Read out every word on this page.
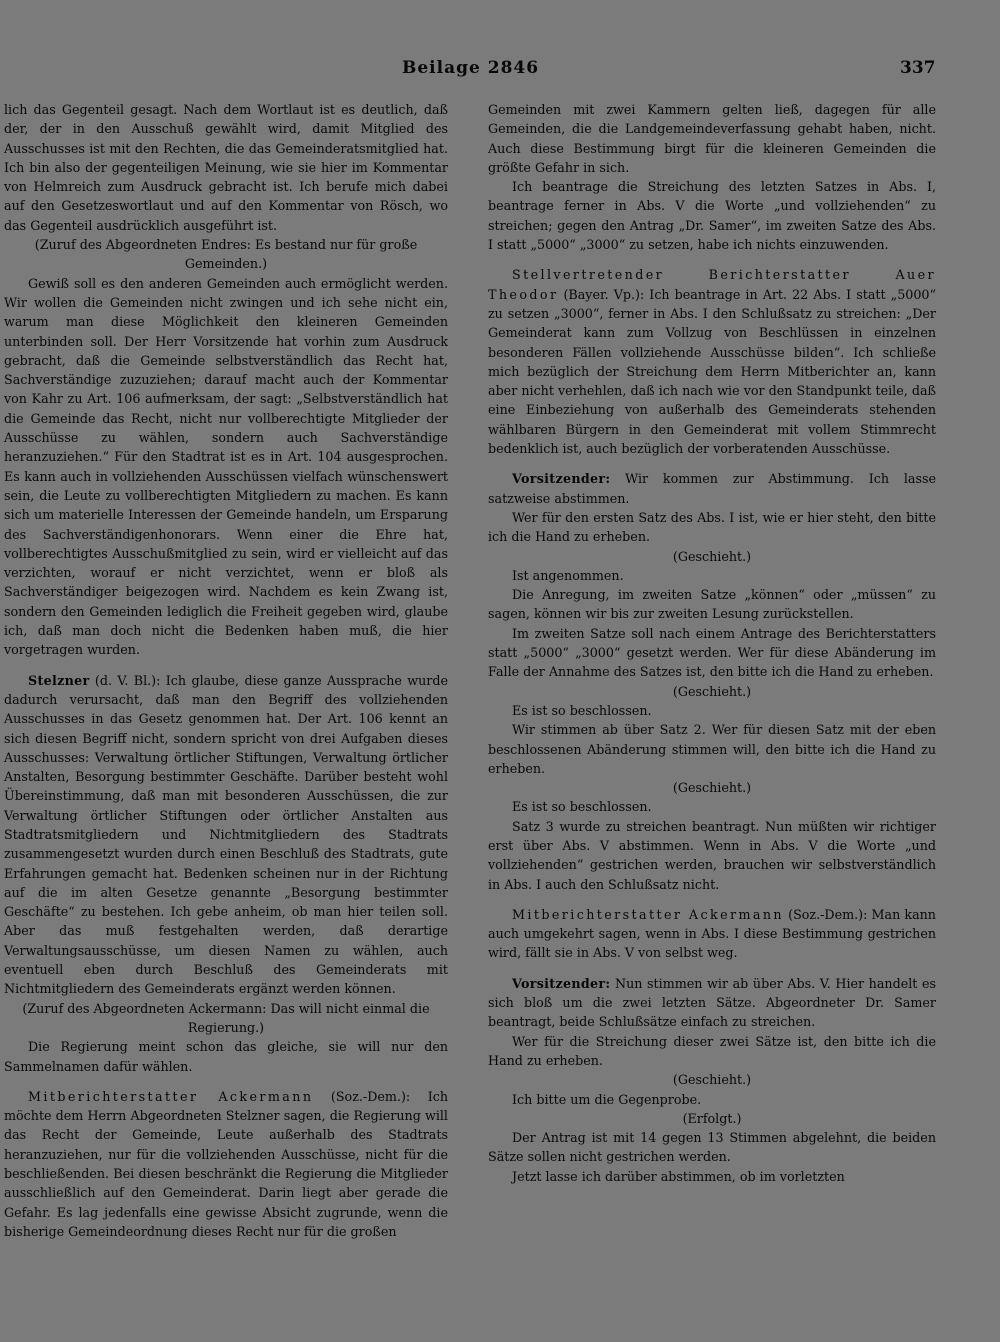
Beilage 2846	337

lich das Gegenteil gesagt. Nach dem Wortlaut ist es deutlich, daß der, der in den Ausschuß gewählt wird, damit Mitglied des Ausschusses ist mit den Rechten, die das Gemeinderatsmitglied hat. Ich bin also der gegenteiligen Meinung, wie sie hier im Kommentar von Helmreich zum Ausdruck gebracht ist. Ich berufe mich dabei auf den Gesetzeswortlaut und auf den Kommentar von Rösch, wo das Gegenteil ausdrücklich ausgeführt ist.

(Zuruf des Abgeordneten Endres: Es bestand nur für große Gemeinden.)

Gewiß soll es den anderen Gemeinden auch ermöglicht werden. Wir wollen die Gemeinden nicht zwingen und ich sehe nicht ein, warum man diese Möglichkeit den kleineren Gemeinden unterbinden soll. Der Herr Vorsitzende hat vorhin zum Ausdruck gebracht, daß die Gemeinde selbstverständlich das Recht hat, Sachverständige zuzuziehen; darauf macht auch der Kommentar von Kahr zu Art. 106 aufmerksam, der sagt: „Selbstverständlich hat die Gemeinde das Recht, nicht nur vollberechtigte Mitglieder der Ausschüsse zu wählen, sondern auch Sachverständige heranzuziehen.“ Für den Stadtrat ist es in Art. 104 ausgesprochen. Es kann auch in vollziehenden Ausschüssen vielfach wünschenswert sein, die Leute zu vollberechtigten Mitgliedern zu machen. Es kann sich um materielle Interessen der Gemeinde handeln, um Ersparung des Sachverständigenhonorars. Wenn einer die Ehre hat, vollberechtigtes Ausschußmitglied zu sein, wird er vielleicht auf das verzichten, worauf er nicht verzichtet, wenn er bloß als Sachverständiger beigezogen wird. Nachdem es kein Zwang ist, sondern den Gemeinden lediglich die Freiheit gegeben wird, glaube ich, daß man doch nicht die Bedenken haben muß, die hier vorgetragen wurden.

Stelzner (d. V. Bl.): Ich glaube, diese ganze Aussprache wurde dadurch verursacht, daß man den Begriff des vollziehenden Ausschusses in das Gesetz genommen hat. Der Art. 106 kennt an sich diesen Begriff nicht, sondern spricht von drei Aufgaben dieses Ausschusses: Verwaltung örtlicher Stiftungen, Verwaltung örtlicher Anstalten, Besorgung bestimmter Geschäfte. Darüber besteht wohl Übereinstimmung, daß man mit besonderen Ausschüssen, die zur Verwaltung örtlicher Stiftungen oder örtlicher Anstalten aus Stadtratsmitgliedern und Nichtmitgliedern des Stadtrats zusammengesetzt wurden durch einen Beschluß des Stadtrats, gute Erfahrungen gemacht hat. Bedenken scheinen nur in der Richtung auf die im alten Gesetze genannte „Besorgung bestimmter Geschäfte“ zu bestehen. Ich gebe anheim, ob man hier teilen soll. Aber das muß festgehalten werden, daß derartige Verwaltungsausschüsse, um diesen Namen zu wählen, auch eventuell eben durch Beschluß des Gemeinderats mit Nichtmitgliedern des Gemeinderats ergänzt werden können.

(Zuruf des Abgeordneten Ackermann: Das will nicht einmal die Regierung.)

Die Regierung meint schon das gleiche, sie will nur den Sammelnamen dafür wählen.

Mitberichterstatter Ackermann (Soz.-Dem.): Ich möchte dem Herrn Abgeordneten Stelzner sagen, die Regierung will das Recht der Gemeinde, Leute außerhalb des Stadtrats heranzuziehen, nur für die vollziehenden Ausschüsse, nicht für die beschließenden. Bei diesen beschränkt die Regierung die Mitglieder ausschließlich auf den Gemeinderat. Darin liegt aber gerade die Gefahr. Es lag jedenfalls eine gewisse Absicht zugrunde, wenn die bisherige Gemeindeordnung dieses Recht nur für die großen

Gemeinden mit zwei Kammern gelten ließ, dagegen für alle Gemeinden, die die Landgemeindeverfassung gehabt haben, nicht. Auch diese Bestimmung birgt für die kleineren Gemeinden die größte Gefahr in sich.

Ich beantrage die Streichung des letzten Satzes in Abs. I, beantrage ferner in Abs. V die Worte „und vollziehenden“ zu streichen; gegen den Antrag „Dr. Samer“, im zweiten Satze des Abs. I statt „5000“ „3000“ zu setzen, habe ich nichts einzuwenden.

Stellvertretender Berichterstatter Auer Theodor (Bayer. Vp.): Ich beantrage in Art. 22 Abs. I statt „5000“ zu setzen „3000“, ferner in Abs. I den Schlußsatz zu streichen: „Der Gemeinderat kann zum Vollzug von Beschlüssen in einzelnen besonderen Fällen vollziehende Ausschüsse bilden“. Ich schließe mich bezüglich der Streichung dem Herrn Mitberichter an, kann aber nicht verhehlen, daß ich nach wie vor den Standpunkt teile, daß eine Einbeziehung von außerhalb des Gemeinderats stehenden wählbaren Bürgern in den Gemeinderat mit vollem Stimmrecht bedenklich ist, auch bezüglich der vorberatenden Ausschüsse.

Vorsitzender: Wir kommen zur Abstimmung. Ich lasse satzweise abstimmen.

Wer für den ersten Satz des Abs. I ist, wie er hier steht, den bitte ich die Hand zu erheben.

(Geschieht.)

Ist angenommen.

Die Anregung, im zweiten Satze „können“ oder „müssen“ zu sagen, können wir bis zur zweiten Lesung zurückstellen.

Im zweiten Satze soll nach einem Antrage des Berichterstatters statt „5000“ „3000“ gesetzt werden. Wer für diese Abänderung im Falle der Annahme des Satzes ist, den bitte ich die Hand zu erheben.

(Geschieht.)

Es ist so beschlossen.

Wir stimmen ab über Satz 2. Wer für diesen Satz mit der eben beschlossenen Abänderung stimmen will, den bitte ich die Hand zu erheben.

(Geschieht.)

Es ist so beschlossen.

Satz 3 wurde zu streichen beantragt. Nun müßten wir richtiger erst über Abs. V abstimmen. Wenn in Abs. V die Worte „und vollziehenden“ gestrichen werden, brauchen wir selbstverständlich in Abs. I auch den Schlußsatz nicht.

Mitberichterstatter Ackermann (Soz.-Dem.): Man kann auch umgekehrt sagen, wenn in Abs. I diese Bestimmung gestrichen wird, fällt sie in Abs. V von selbst weg.

Vorsitzender: Nun stimmen wir ab über Abs. V. Hier handelt es sich bloß um die zwei letzten Sätze. Abgeordneter Dr. Samer beantragt, beide Schlußsätze einfach zu streichen.

Wer für die Streichung dieser zwei Sätze ist, den bitte ich die Hand zu erheben.

(Geschieht.)

Ich bitte um die Gegenprobe.

(Erfolgt.)

Der Antrag ist mit 14 gegen 13 Stimmen abgelehnt, die beiden Sätze sollen nicht gestrichen werden.

Jetzt lasse ich darüber abstimmen, ob im vorletzten
